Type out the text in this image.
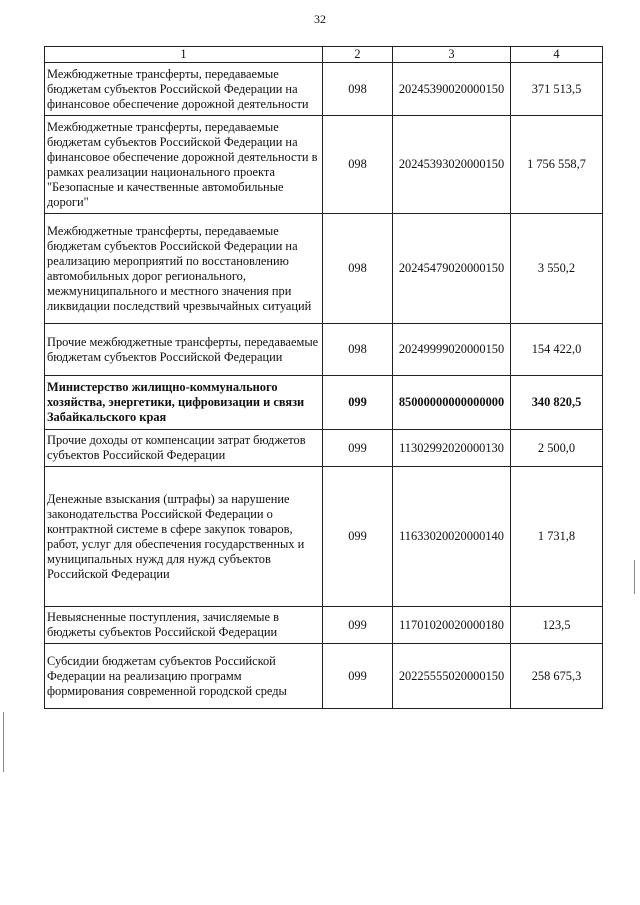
32
1	2	3	4
Межбюджетные трансферты, передаваемые бюджетам субъектов Российской Федерации на финансовое обеспечение дорожной деятельности	098	20245390020000150	371 513,5
Межбюджетные трансферты, передаваемые бюджетам субъектов Российской Федерации на финансовое обеспечение дорожной деятельности в рамках реализации национального проекта "Безопасные и качественные автомобильные дороги"	098	20245393020000150	1 756 558,7
Межбюджетные трансферты, передаваемые бюджетам субъектов Российской Федерации на реализацию мероприятий по восстановлению автомобильных дорог регионального, межмуниципального и местного значения при ликвидации последствий чрезвычайных ситуаций	098	20245479020000150	3 550,2
Прочие межбюджетные трансферты, передаваемые бюджетам субъектов Российской Федерации	098	20249999020000150	154 422,0
Министерство жилищно-коммунального хозяйства, энергетики, цифровизации и связи Забайкальского края	099	85000000000000000	340 820,5
Прочие доходы от компенсации затрат бюджетов субъектов Российской Федерации	099	11302992020000130	2 500,0
Денежные взыскания (штрафы) за нарушение законодательства Российской Федерации о контрактной системе в сфере закупок товаров, работ, услуг для обеспечения государственных и муниципальных нужд для нужд субъектов Российской Федерации	099	11633020020000140	1 731,8
Невыясненные поступления, зачисляемые в бюджеты субъектов Российской Федерации	099	11701020020000180	123,5
Субсидии бюджетам субъектов Российской Федерации на реализацию программ формирования современной городской среды	099	20225555020000150	258 675,3
